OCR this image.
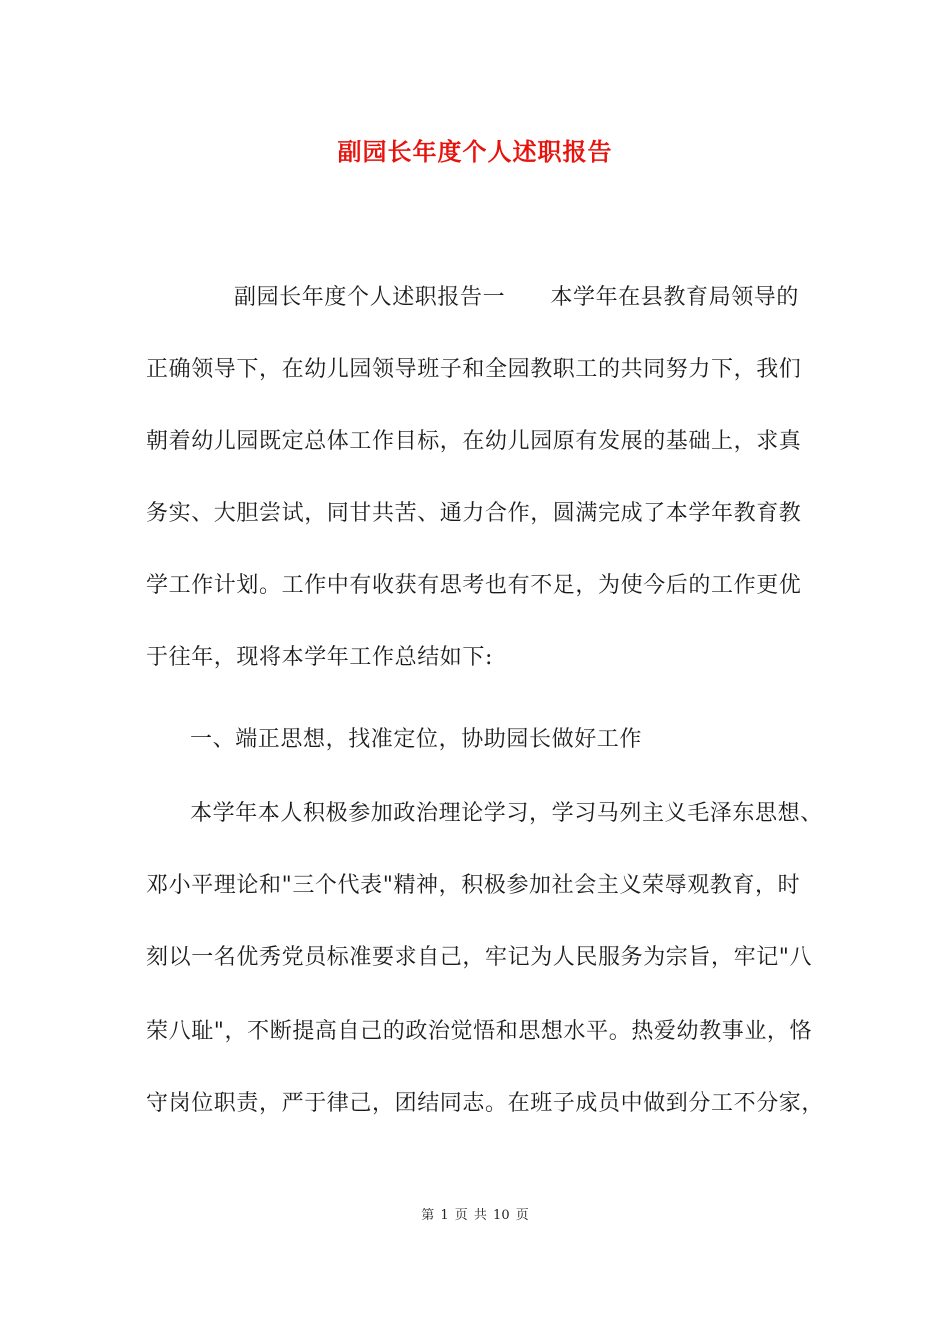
副园长年度个人述职报告
副园长年度个人述职报告一　　本学年在县教育局领导的
正确领导下，在幼儿园领导班子和全园教职工的共同努力下，我们
朝着幼儿园既定总体工作目标，在幼儿园原有发展的基础上，求真
务实、大胆尝试，同甘共苦、通力合作，圆满完成了本学年教育教
学工作计划。工作中有收获有思考也有不足，为使今后的工作更优
于往年，现将本学年工作总结如下:
一、端正思想，找准定位，协助园长做好工作
本学年本人积极参加政治理论学习，学习马列主义毛泽东思想、
邓小平理论和"三个代表"精神，积极参加社会主义荣辱观教育，时
刻以一名优秀党员标准要求自己，牢记为人民服务为宗旨，牢记"八
荣八耻"，不断提高自己的政治觉悟和思想水平。热爱幼教事业，恪
守岗位职责，严于律己，团结同志。在班子成员中做到分工不分家，
第 1 页 共 10 页
